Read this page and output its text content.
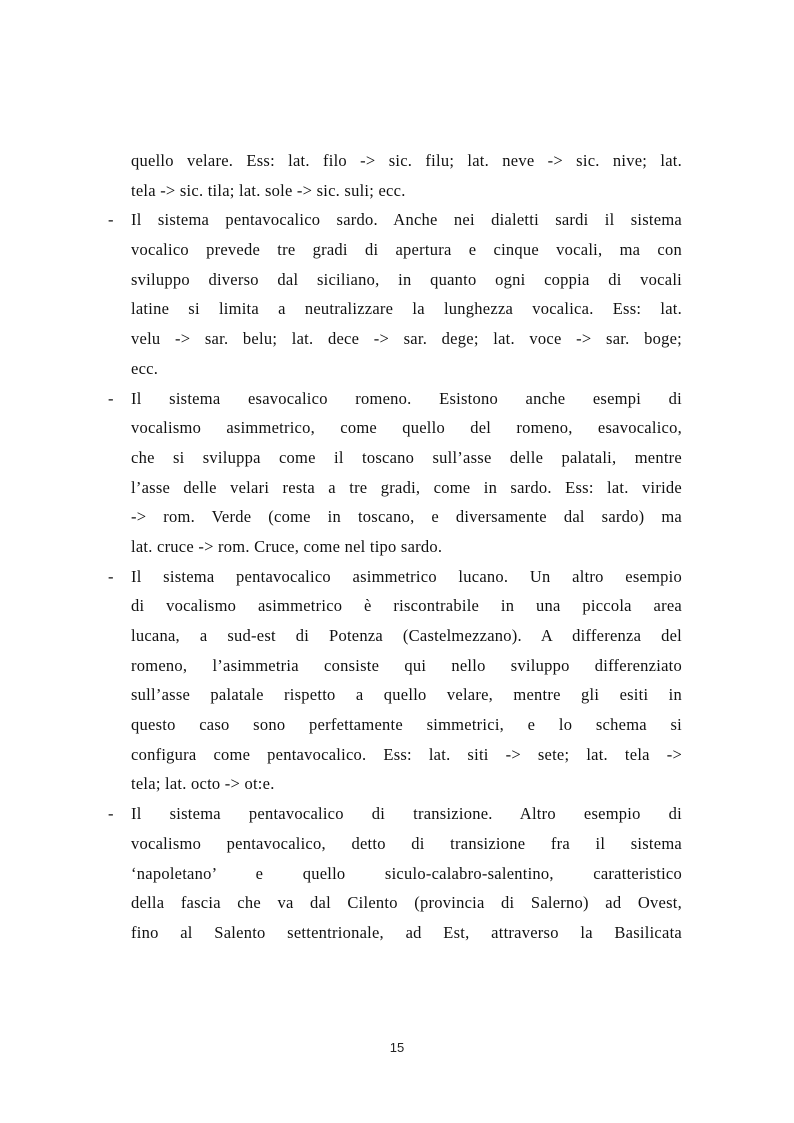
quello velare. Ess: lat. filo -> sic. filu; lat. neve -> sic. nive; lat.
tela -> sic. tila; lat. sole -> sic. suli; ecc.
-	Il sistema pentavocalico sardo. Anche nei dialetti sardi il sistema
vocalico prevede tre gradi di apertura e cinque vocali, ma con
sviluppo diverso dal siciliano, in quanto ogni coppia di vocali
latine si limita a neutralizzare la lunghezza vocalica. Ess: lat.
velu -> sar. belu; lat. dece -> sar. dege; lat. voce -> sar. boge;
ecc.
-	Il sistema esavocalico romeno. Esistono anche esempi di
vocalismo asimmetrico, come quello del romeno, esavocalico,
che si sviluppa come il toscano sull’asse delle palatali, mentre
l’asse delle velari resta a tre gradi, come in sardo. Ess: lat. viride
-> rom. Verde (come in toscano, e diversamente dal sardo) ma
lat. cruce -> rom. Cruce, come nel tipo sardo.
-	Il sistema pentavocalico asimmetrico lucano. Un altro esempio
di vocalismo asimmetrico è riscontrabile in una piccola area
lucana, a sud-est di Potenza (Castelmezzano). A differenza del
romeno, l’asimmetria consiste qui nello sviluppo differenziato
sull’asse palatale rispetto a quello velare, mentre gli esiti in
questo caso sono perfettamente simmetrici, e lo schema si
configura come pentavocalico. Ess: lat. siti -> sete; lat. tela ->
tela; lat. octo -> ot:e.
-	Il sistema pentavocalico di transizione. Altro esempio di
vocalismo pentavocalico, detto di transizione fra il sistema
‘napoletano’ e quello siculo-calabro-salentino, caratteristico
della fascia che va dal Cilento (provincia di Salerno) ad Ovest,
fino al Salento settentrionale, ad Est, attraverso la Basilicata
15
